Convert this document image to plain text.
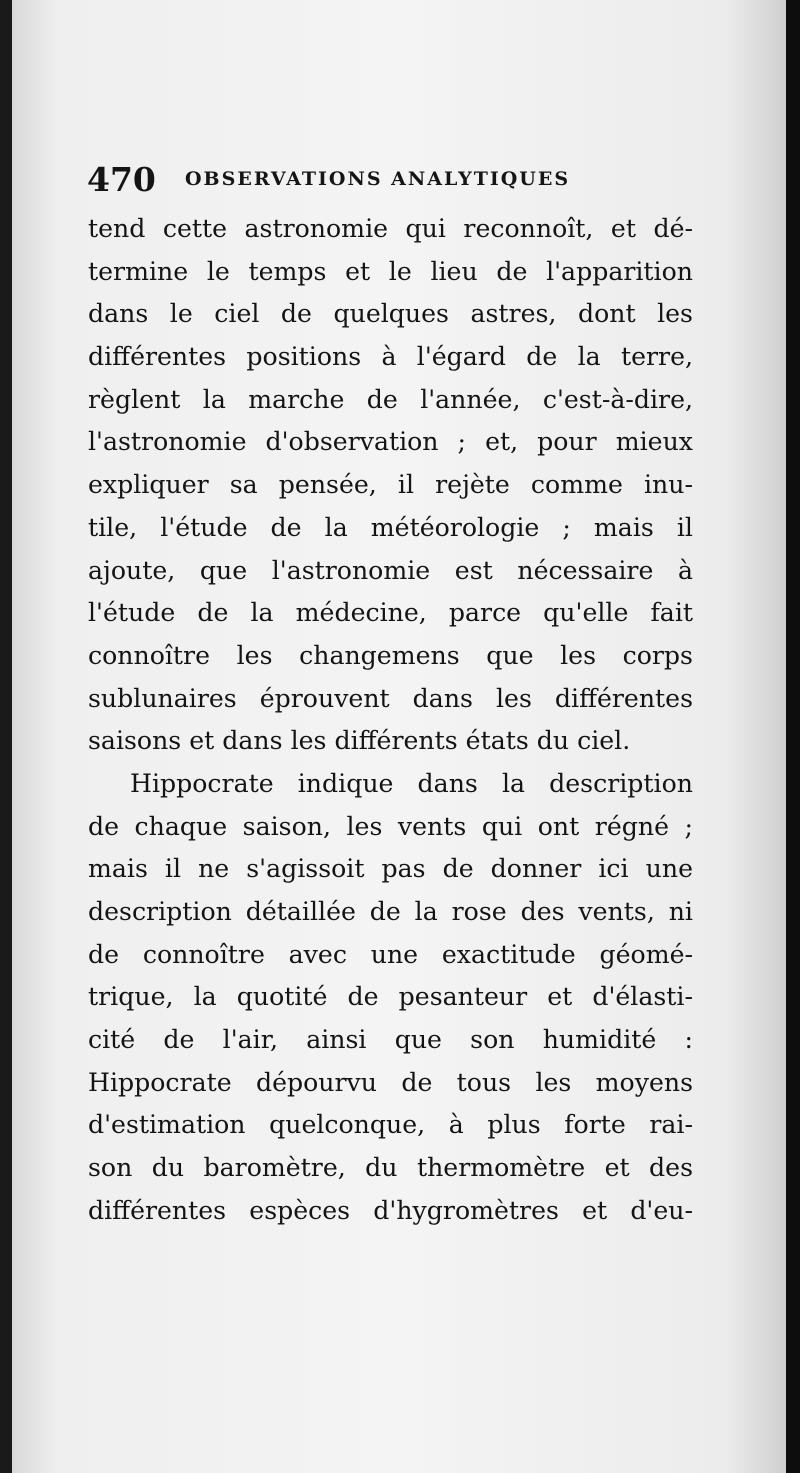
470 OBSERVATIONS ANALYTIQUES
tend cette astronomie qui reconnoît, et dé-
termine le temps et le lieu de l'apparition
dans le ciel de quelques astres, dont les
différentes positions à l'égard de la terre,
règlent la marche de l'année, c'est-à-dire,
l'astronomie d'observation ; et, pour mieux
expliquer sa pensée, il rejète comme inu-
tile, l'étude de la météorologie ; mais il
ajoute, que l'astronomie est nécessaire à
l'étude de la médecine, parce qu'elle fait
connoître les changemens que les corps
sublunaires éprouvent dans les différentes
saisons et dans les différents états du ciel.
Hippocrate indique dans la description
de chaque saison, les vents qui ont régné ;
mais il ne s'agissoit pas de donner ici une
description détaillée de la rose des vents, ni
de connoître avec une exactitude géomé-
trique, la quotité de pesanteur et d'élasti-
cité de l'air, ainsi que son humidité :
Hippocrate dépourvu de tous les moyens
d'estimation quelconque, à plus forte rai-
son du baromètre, du thermomètre et des
différentes espèces d'hygromètres et d'eu-
